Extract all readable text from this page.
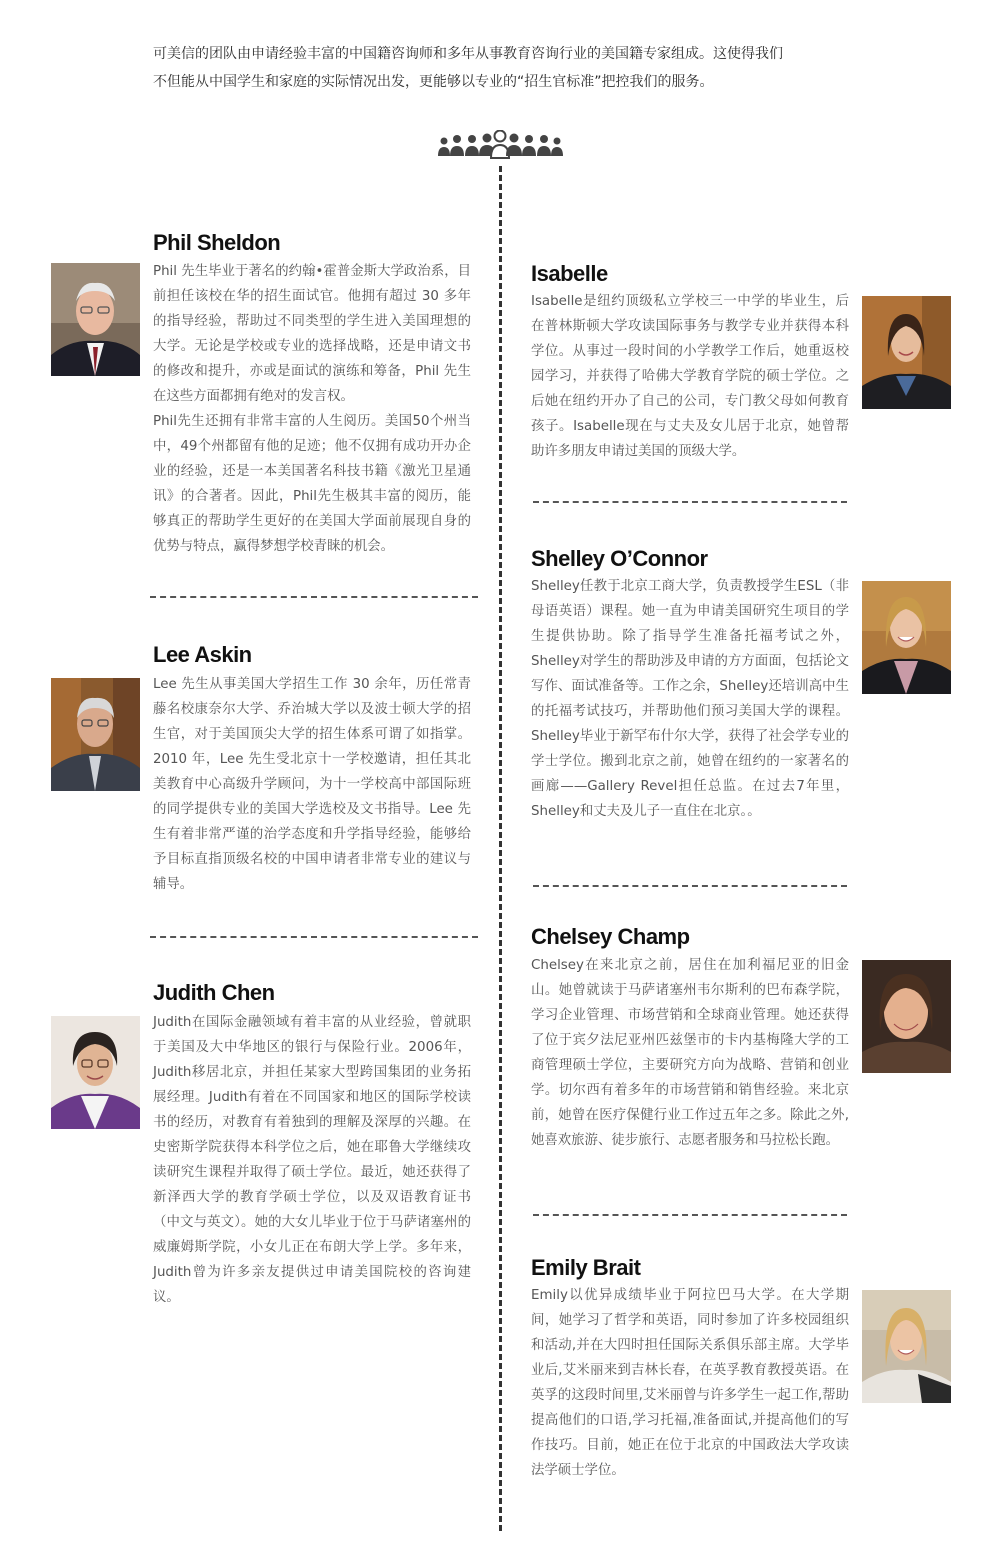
可美信的团队由申请经验丰富的中国籍咨询师和多年从事教育咨询行业的美国籍专家组成。这使得我们

不但能从中国学生和家庭的实际情况出发，更能够以专业的“招生官标准”把控我们的服务。

Phil Sheldon

Phil 先生毕业于著名的约翰•霍普金斯大学政治系，目前担任该校在华的招生面试官。他拥有超过 30 多年的指导经验，帮助过不同类型的学生进入美国理想的大学。无论是学校或专业的选择战略，还是申请文书的修改和提升，亦或是面试的演练和筹备，Phil 先生在这些方面都拥有绝对的发言权。

Phil先生还拥有非常丰富的人生阅历。美国50个州当中，49个州都留有他的足迹；他不仅拥有成功开办企业的经验，还是一本美国著名科技书籍《激光卫星通讯》的合著者。因此，Phil先生极其丰富的阅历，能够真正的帮助学生更好的在美国大学面前展现自身的优势与特点，赢得梦想学校青睐的机会。

Lee Askin

Lee 先生从事美国大学招生工作 30 余年，历任常青藤名校康奈尔大学、乔治城大学以及波士顿大学的招生官，对于美国顶尖大学的招生体系可谓了如指掌。2010 年，Lee 先生受北京十一学校邀请，担任其北美教育中心高级升学顾问，为十一学校高中部国际班的同学提供专业的美国大学选校及文书指导。Lee 先生有着非常严谨的治学态度和升学指导经验，能够给予目标直指顶级名校的中国申请者非常专业的建议与辅导。

Judith Chen

Judith在国际金融领域有着丰富的从业经验，曾就职于美国及大中华地区的银行与保险行业。2006年，Judith移居北京，并担任某家大型跨国集团的业务拓展经理。Judith有着在不同国家和地区的国际学校读书的经历，对教育有着独到的理解及深厚的兴趣。在史密斯学院获得本科学位之后，她在耶鲁大学继续攻读研究生课程并取得了硕士学位。最近，她还获得了新泽西大学的教育学硕士学位，以及双语教育证书（中文与英文）。她的大女儿毕业于位于马萨诸塞州的威廉姆斯学院，小女儿正在布朗大学上学。多年来，Judith曾为许多亲友提供过申请美国院校的咨询建议。

Isabelle

Isabelle是纽约顶级私立学校三一中学的毕业生，后在普林斯顿大学攻读国际事务与教学专业并获得本科学位。从事过一段时间的小学教学工作后，她重返校园学习，并获得了哈佛大学教育学院的硕士学位。之后她在纽约开办了自己的公司，专门教父母如何教育孩子。Isabelle现在与丈夫及女儿居于北京，她曾帮助许多朋友申请过美国的顶级大学。

Shelley O’Connor

Shelley任教于北京工商大学，负责教授学生ESL（非母语英语）课程。她一直为申请美国研究生项目的学生提供协助。除了指导学生准备托福考试之外，Shelley对学生的帮助涉及申请的方方面面，包括论文写作、面试准备等。工作之余，Shelley还培训高中生的托福考试技巧，并帮助他们预习美国大学的课程。Shelley毕业于新罕布什尔大学，获得了社会学专业的学士学位。搬到北京之前，她曾在纽约的一家著名的画廊——Gallery Revel担任总监。在过去7年里，Shelley和丈夫及儿子一直住在北京。。

Chelsey Champ

Chelsey在来北京之前，居住在加利福尼亚的旧金山。她曾就读于马萨诸塞州韦尔斯利的巴布森学院，学习企业管理、市场营销和全球商业管理。她还获得了位于宾夕法尼亚州匹兹堡市的卡内基梅隆大学的工商管理硕士学位，主要研究方向为战略、营销和创业学。切尔西有着多年的市场营销和销售经验。来北京前，她曾在医疗保健行业工作过五年之多。除此之外,她喜欢旅游、徒步旅行、志愿者服务和马拉松长跑。

Emily Brait

Emily以优异成绩毕业于阿拉巴马大学。在大学期间，她学习了哲学和英语，同时参加了许多校园组织和活动,并在大四时担任国际关系俱乐部主席。大学毕业后,艾米丽来到吉林长春，在英孚教育教授英语。在英孚的这段时间里,艾米丽曾与许多学生一起工作,帮助提高他们的口语,学习托福,准备面试,并提高他们的写作技巧。目前，她正在位于北京的中国政法大学攻读法学硕士学位。
